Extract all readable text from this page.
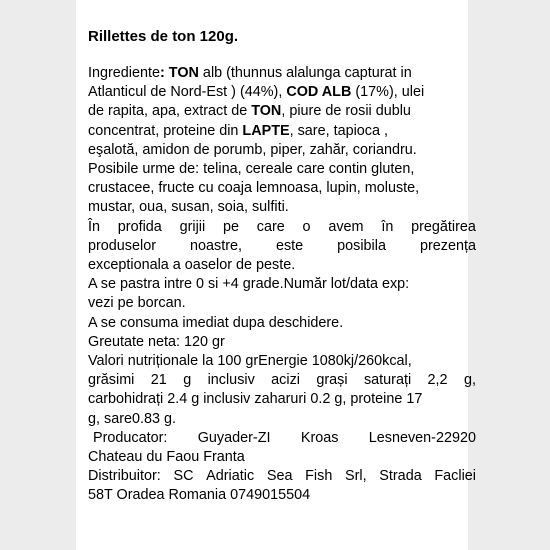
Rillettes de ton 120g.
Ingrediente: TON alb (thunnus alalunga capturat in
Atlanticul de Nord-Est ) (44%), COD ALB (17%), ulei
de rapita, apa, extract de TON, piure de rosii dublu
concentrat, proteine din LAPTE, sare, tapioca ,
eşalotă, amidon de porumb, piper, zahăr, coriandru.
Posibile urme de: telina, cereale care contin gluten,
crustacee, fructe cu coaja lemnoasa, lupin, moluste,
mustar, oua, susan, soia, sulfiti.
În profida grijii pe care o avem în pregătirea
produselor noastre, este posibila prezența
exceptionala a oaselor de peste.
A se pastra intre 0 si +4 grade.Număr lot/data exp:
vezi pe borcan.
A se consuma imediat dupa deschidere.
Greutate neta: 120 gr
Valori nutriționale la 100 grEnergie 1080kj/260kcal,
grăsimi 21 g inclusiv acizi grași saturați 2,2 g,
carbohidrați 2.4 g inclusiv zaharuri 0.2 g, proteine 17
g, sare0.83 g.
Producator: Guyader-ZI Kroas Lesneven-22920
Chateau du Faou Franta
Distribuitor: SC Adriatic Sea Fish Srl, Strada Facliei
58T Oradea Romania 0749015504
